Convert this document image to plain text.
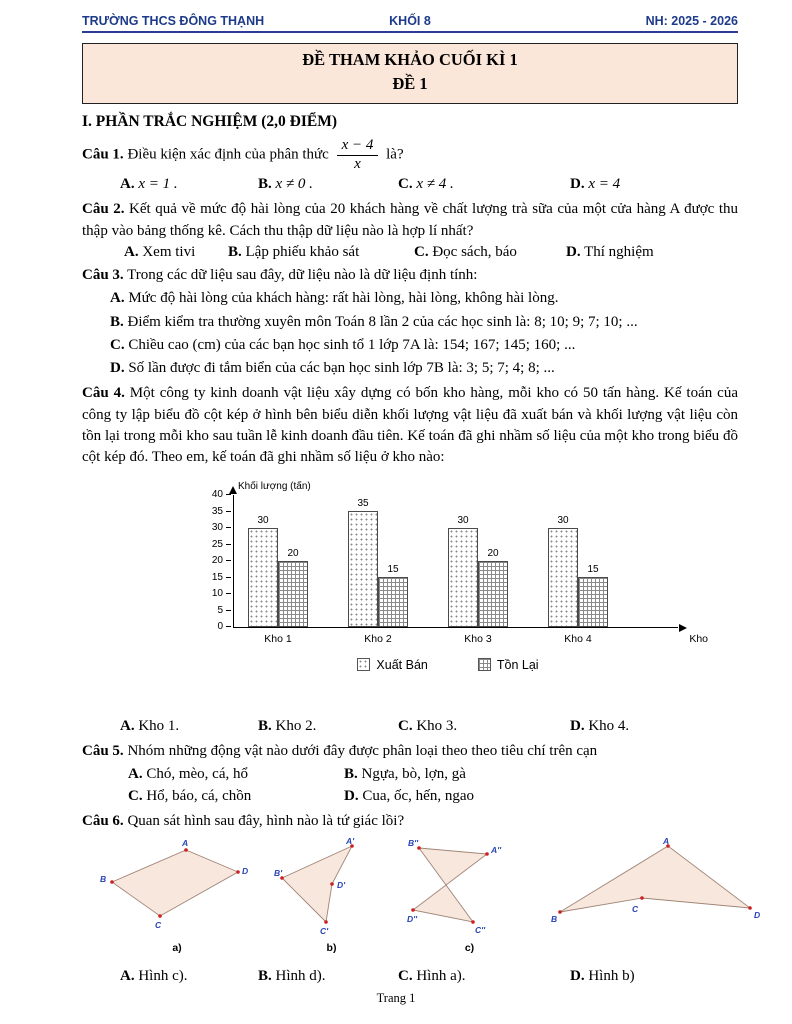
TRƯỜNG THCS ĐÔNG THẠNH	KHỐI 8	NH: 2025 - 2026
ĐỀ THAM KHẢO CUỐI KÌ 1
ĐỀ 1
I. PHẦN TRẮC NGHIỆM (2,0 ĐIỂM)

Câu 1. Điều kiện xác định của phân thức $\frac{x - 4}{x}$ là?

A. x = 1 .	B. x ≠ 0 .	C. x ≠ 4 .	D. x = 4

Câu 2. Kết quả về mức độ hài lòng của 20 khách hàng về chất lượng trà sữa của một cửa hàng A được thu thập vào bảng thống kê. Cách thu thập dữ liệu nào là hợp lí nhất?

A. Xem tivi	B. Lập phiếu khảo sát	C. Đọc sách, báo	D. Thí nghiệm

Câu 3. Trong các dữ liệu sau đây, dữ liệu nào là dữ liệu định tính:

A. Mức độ hài lòng của khách hàng: rất hài lòng, hài lòng, không hài lòng.
B. Điểm kiểm tra thường xuyên môn Toán 8 lần 2 của các học sinh là: 8; 10; 9; 7; 10; ...
C. Chiều cao (cm) của các bạn học sinh tổ 1 lớp 7A là: 154; 167; 145; 160; ...
D. Số lần được đi tắm biển của các bạn học sinh lớp 7B là: 3; 5; 7; 4; 8; ...

Câu 4. Một công ty kinh doanh vật liệu xây dựng có bốn kho hàng, mỗi kho có 50 tấn hàng. Kế toán của công ty lập biểu đồ cột kép ở hình bên biểu diễn khối lượng vật liệu đã xuất bán và khối lượng vật liệu còn tồn lại trong mỗi kho sau tuần lễ kinh doanh đầu tiên. Kế toán đã ghi nhầm số liệu của một kho trong biểu đồ cột kép đó. Theo em, kế toán đã ghi nhầm số liệu ở kho nào:

Khối lượng (tấn)
Kho
0
5
10
15
20
25
30
35
40
30
20
Kho 1
35
15
Kho 2
30
20
Kho 3
30
15
Kho 4
Xuất Bán	Tồn Lại
A. Kho 1.	B. Kho 2.	C. Kho 3.	D. Kho 4.

Câu 5. Nhóm những động vật nào dưới đây được phân loại theo theo tiêu chí trên cạn

A. Chó, mèo, cá, hổ	B. Ngựa, bò, lợn, gà
C. Hổ, báo, cá, chồn	D. Cua, ốc, hến, ngao

Câu 6. Quan sát hình sau đây, hình nào là tứ giác lồi?

A
B
C
D
a)
A'
B'
C'
D'
b)
A''
B''
C''
D''
c)
A
B
C
D
A. Hình c).	B. Hình d).	C. Hình a).	D. Hình b)
Trang 1
